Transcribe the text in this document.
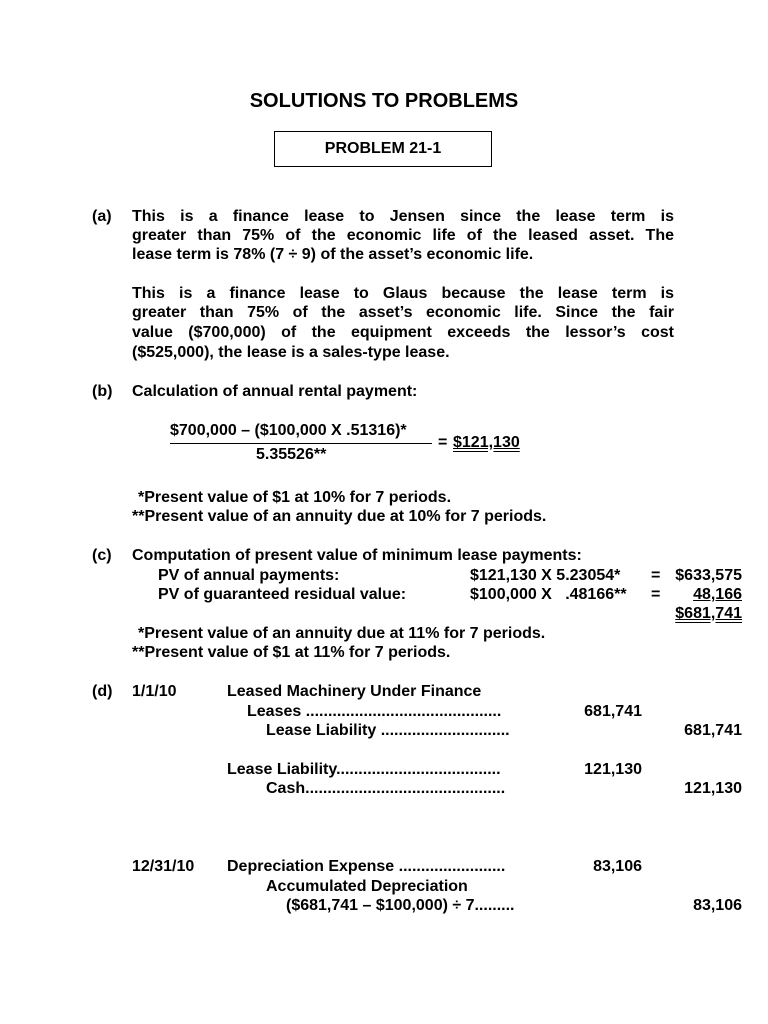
SOLUTIONS TO PROBLEMS
PROBLEM 21-1
(a) This is a finance lease to Jensen since the lease term is
greater than 75% of the economic life of the leased asset. The
lease term is 78% (7 ÷ 9) of the asset’s economic life.
This is a finance lease to Glaus because the lease term is
greater than 75% of the asset’s economic life. Since the fair
value ($700,000) of the equipment exceeds the lessor’s cost
($525,000), the lease is a sales-type lease.
(b) Calculation of annual rental payment:
$700,000 – ($100,000 X .51316)*
5.35526**
= $121,130
*Present value of $1 at 10% for 7 periods.
**Present value of an annuity due at 10% for 7 periods.
(c) Computation of present value of minimum lease payments:
PV of annual payments:	$121,130 X 5.23054* = $633,575
PV of guaranteed residual value:	$100,000 X   .48166** =	48,166
$681,741
*Present value of an annuity due at 11% for 7 periods.
**Present value of $1 at 11% for 7 periods.
(d) 1/1/10	Leased Machinery Under Finance
Leases ............................................	681,741
Lease Liability .............................	681,741
Lease Liability.....................................	121,130
Cash.............................................	121,130
12/31/10 Depreciation Expense ........................	83,106
Accumulated Depreciation
($681,741 – $100,000) ÷ 7.........	83,106
